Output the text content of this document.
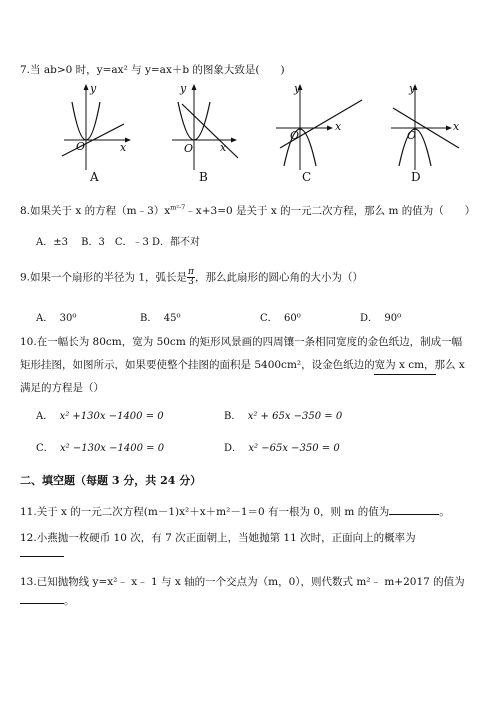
7.当 ab>0 时，y=ax² 与 y=ax＋b 的图象大致是(　　)
y
x
O
A
y
x
O
B
y
x
O
C
y
x
O
D
8.如果关于 x 的方程$(m﹣3)x^{m^2-7}﹣x+3=0$ 是关于 x 的一元二次方程，那么 m 的值为（　　）
A．±3　 B．3　C．﹣3 D．都不对
9.如果一个扇形的半径为 1，弧长是 $\frac{\pi}{3}$ ，那么此扇形的圆心角的大小为（）
A． 30⁰	B． 45⁰	C． 60⁰	D． 90⁰
10.在一幅长为 80cm，宽为 50cm 的矩形风景画的四周镶一条相同宽度的金色纸边，制成一幅
矩形挂图，如图所示，如果要使整个挂图的面积是 5400cm²，设金色纸边的宽为 x cm，那么 x
满足的方程是（）
A． x² +130x −1400 = 0	B． x² + 65x −350 = 0
C． x² −130x −1400 = 0	D． x² −65x −350 = 0
二、填空题（每题 3 分，共 24 分）
11.关于 x 的一元二次方程(m－1)x²＋x＋m²－1＝0 有一根为 0，则 m 的值为	。
12.小燕抛一枚硬币 10 次，有 7 次正面朝上，当她抛第 11 次时，正面向上的概率为
13.已知抛物线 y=x²﹣ x﹣ 1 与 x 轴的一个交点为（m，0），则代数式 m²﹣ m+2017 的值为
。
